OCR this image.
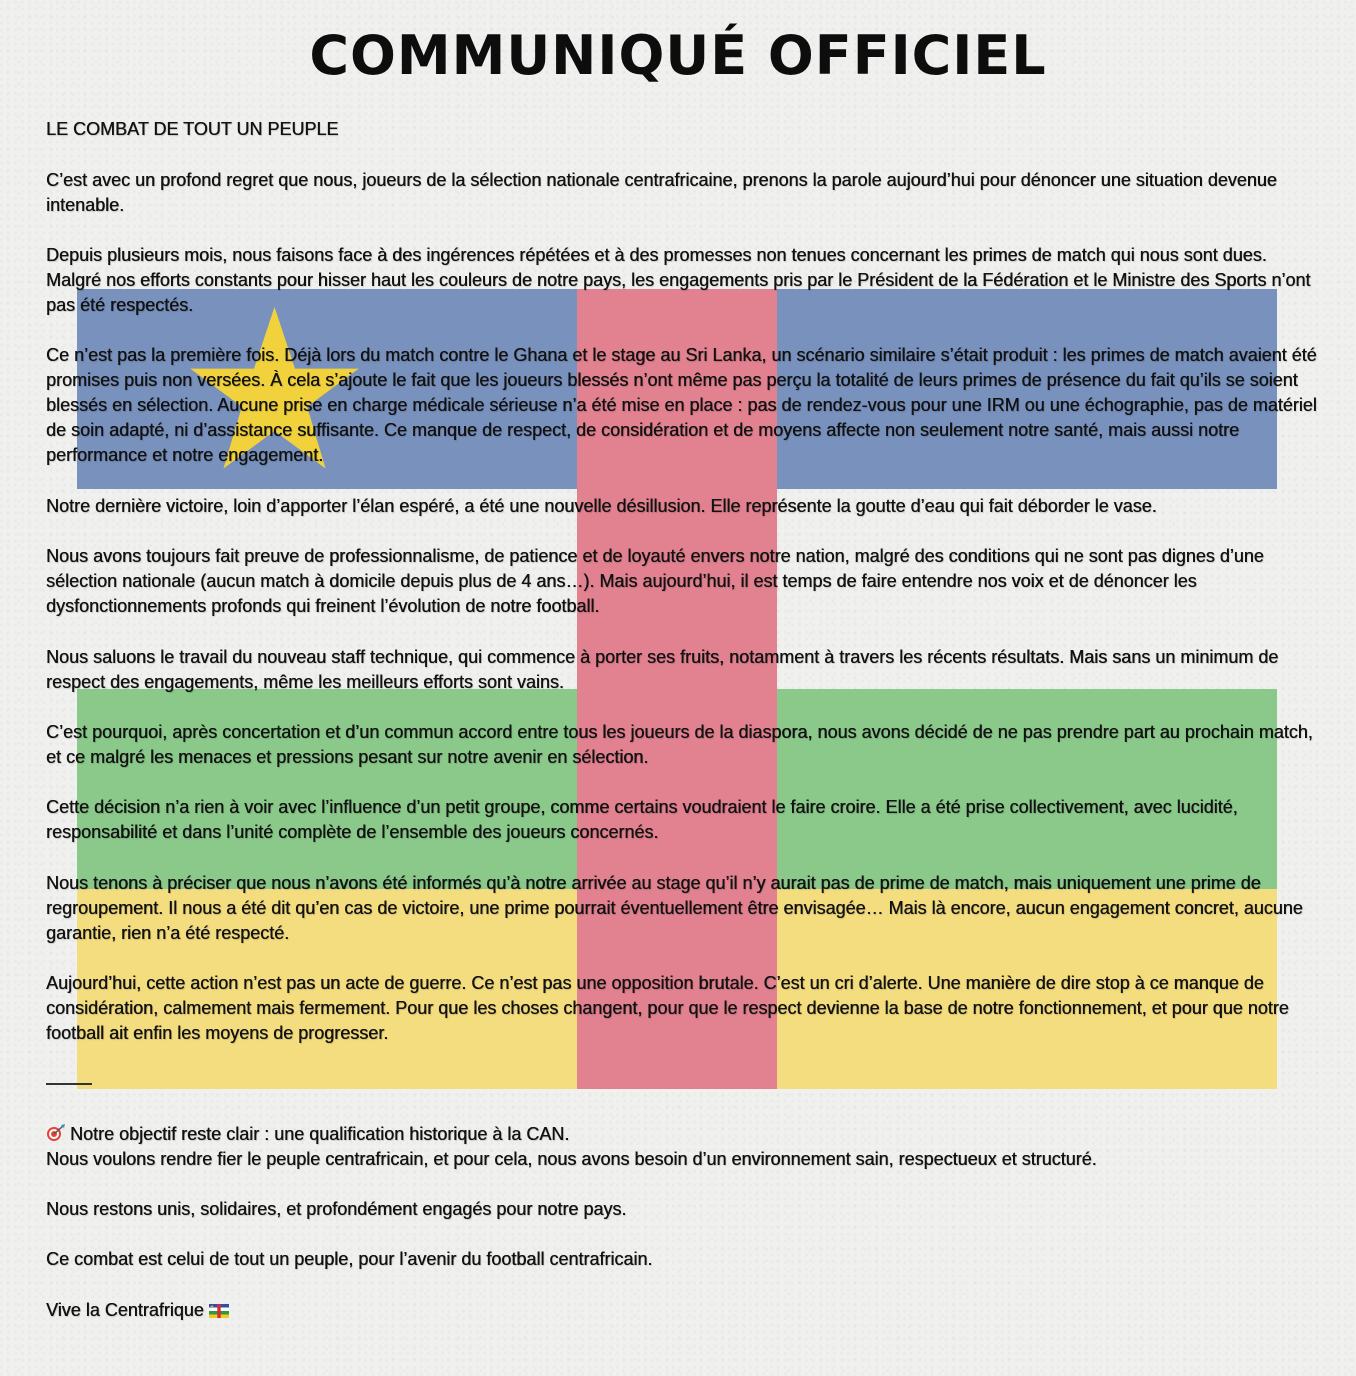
COMMUNIQUÉ OFFICIEL

LE COMBAT DE TOUT UN PEUPLE

C’est avec un profond regret que nous, joueurs de la sélection nationale centrafricaine, prenons la parole aujourd’hui pour dénoncer une situation devenue intenable.

Depuis plusieurs mois, nous faisons face à des ingérences répétées et à des promesses non tenues concernant les primes de match qui nous sont dues. Malgré nos efforts constants pour hisser haut les couleurs de notre pays, les engagements pris par le Président de la Fédération et le Ministre des Sports n’ont pas été respectés.

Ce n’est pas la première fois. Déjà lors du match contre le Ghana et le stage au Sri Lanka, un scénario similaire s’était produit : les primes de match avaient été promises puis non versées. À cela s’ajoute le fait que les joueurs blessés n’ont même pas perçu la totalité de leurs primes de présence du fait qu’ils se soient blessés en sélection. Aucune prise en charge médicale sérieuse n’a été mise en place : pas de rendez-vous pour une IRM ou une échographie, pas de matériel de soin adapté, ni d’assistance suffisante. Ce manque de respect, de considération et de moyens affecte non seulement notre santé, mais aussi notre performance et notre engagement.

Notre dernière victoire, loin d’apporter l’élan espéré, a été une nouvelle désillusion. Elle représente la goutte d’eau qui fait déborder le vase.

Nous avons toujours fait preuve de professionnalisme, de patience et de loyauté envers notre nation, malgré des conditions qui ne sont pas dignes d’une sélection nationale (aucun match à domicile depuis plus de 4 ans…). Mais aujourd’hui, il est temps de faire entendre nos voix et de dénoncer les dysfonctionnements profonds qui freinent l’évolution de notre football.

Nous saluons le travail du nouveau staff technique, qui commence à porter ses fruits, notamment à travers les récents résultats. Mais sans un minimum de respect des engagements, même les meilleurs efforts sont vains.

C’est pourquoi, après concertation et d’un commun accord entre tous les joueurs de la diaspora, nous avons décidé de ne pas prendre part au prochain match, et ce malgré les menaces et pressions pesant sur notre avenir en sélection.

Cette décision n’a rien à voir avec l’influence d’un petit groupe, comme certains voudraient le faire croire. Elle a été prise collectivement, avec lucidité, responsabilité et dans l’unité complète de l’ensemble des joueurs concernés.

Nous tenons à préciser que nous n’avons été informés qu’à notre arrivée au stage qu’il n’y aurait pas de prime de match, mais uniquement une prime de regroupement. Il nous a été dit qu’en cas de victoire, une prime pourrait éventuellement être envisagée… Mais là encore, aucun engagement concret, aucune garantie, rien n’a été respecté.

Aujourd’hui, cette action n’est pas un acte de guerre. Ce n’est pas une opposition brutale. C’est un cri d’alerte. Une manière de dire stop à ce manque de considération, calmement mais fermement. Pour que les choses changent, pour que le respect devienne la base de notre fonctionnement, et pour que notre football ait enfin les moyens de progresser.

Notre objectif reste clair : une qualification historique à la CAN.
Nous voulons rendre fier le peuple centrafricain, et pour cela, nous avons besoin d’un environnement sain, respectueux et structuré.

Nous restons unis, solidaires, et profondément engagés pour notre pays.

Ce combat est celui de tout un peuple, pour l’avenir du football centrafricain.

Vive la Centrafrique
